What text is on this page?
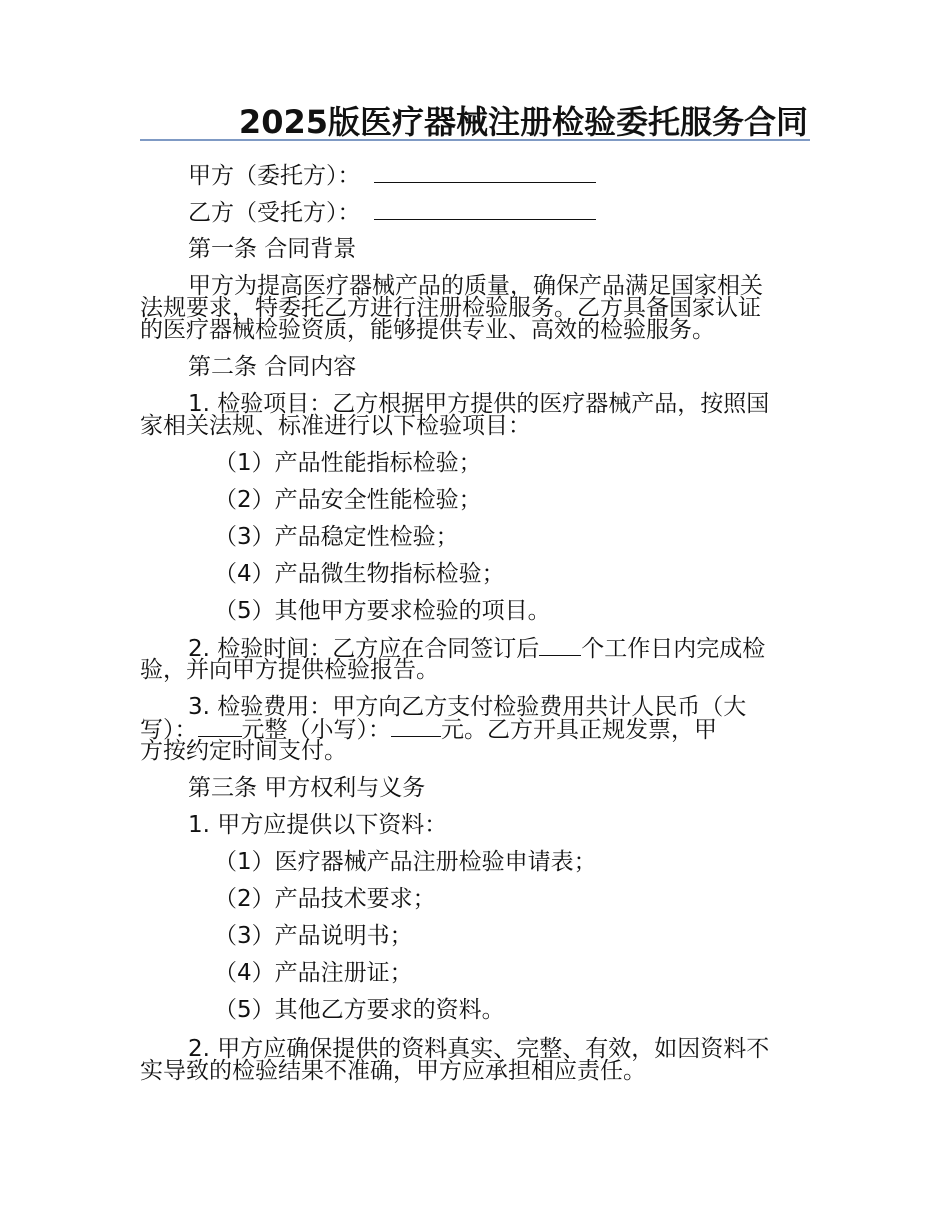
2025版医疗器械注册检验委托服务合同
甲方（委托方）：
乙方（受托方）：
第一条 合同背景
甲方为提高医疗器械产品的质量，确保产品满足国家相关
法规要求，特委托乙方进行注册检验服务。乙方具备国家认证
的医疗器械检验资质，能够提供专业、高效的检验服务。
第二条 合同内容
1. 检验项目：乙方根据甲方提供的医疗器械产品，按照国
家相关法规、标准进行以下检验项目：
（1）产品性能指标检验；
（2）产品安全性能检验；
（3）产品稳定性检验；
（4）产品微生物指标检验；
（5）其他甲方要求检验的项目。
2. 检验时间：乙方应在合同签订后 个工作日内完成检
验，并向甲方提供检验报告。
3. 检验费用：甲方向乙方支付检验费用共计人民币（大
写）： 元整（小写）： 元。乙方开具正规发票，甲
方按约定时间支付。
第三条 甲方权利与义务
1. 甲方应提供以下资料：
（1）医疗器械产品注册检验申请表；
（2）产品技术要求；
（3）产品说明书；
（4）产品注册证；
（5）其他乙方要求的资料。
2. 甲方应确保提供的资料真实、完整、有效，如因资料不
实导致的检验结果不准确，甲方应承担相应责任。
